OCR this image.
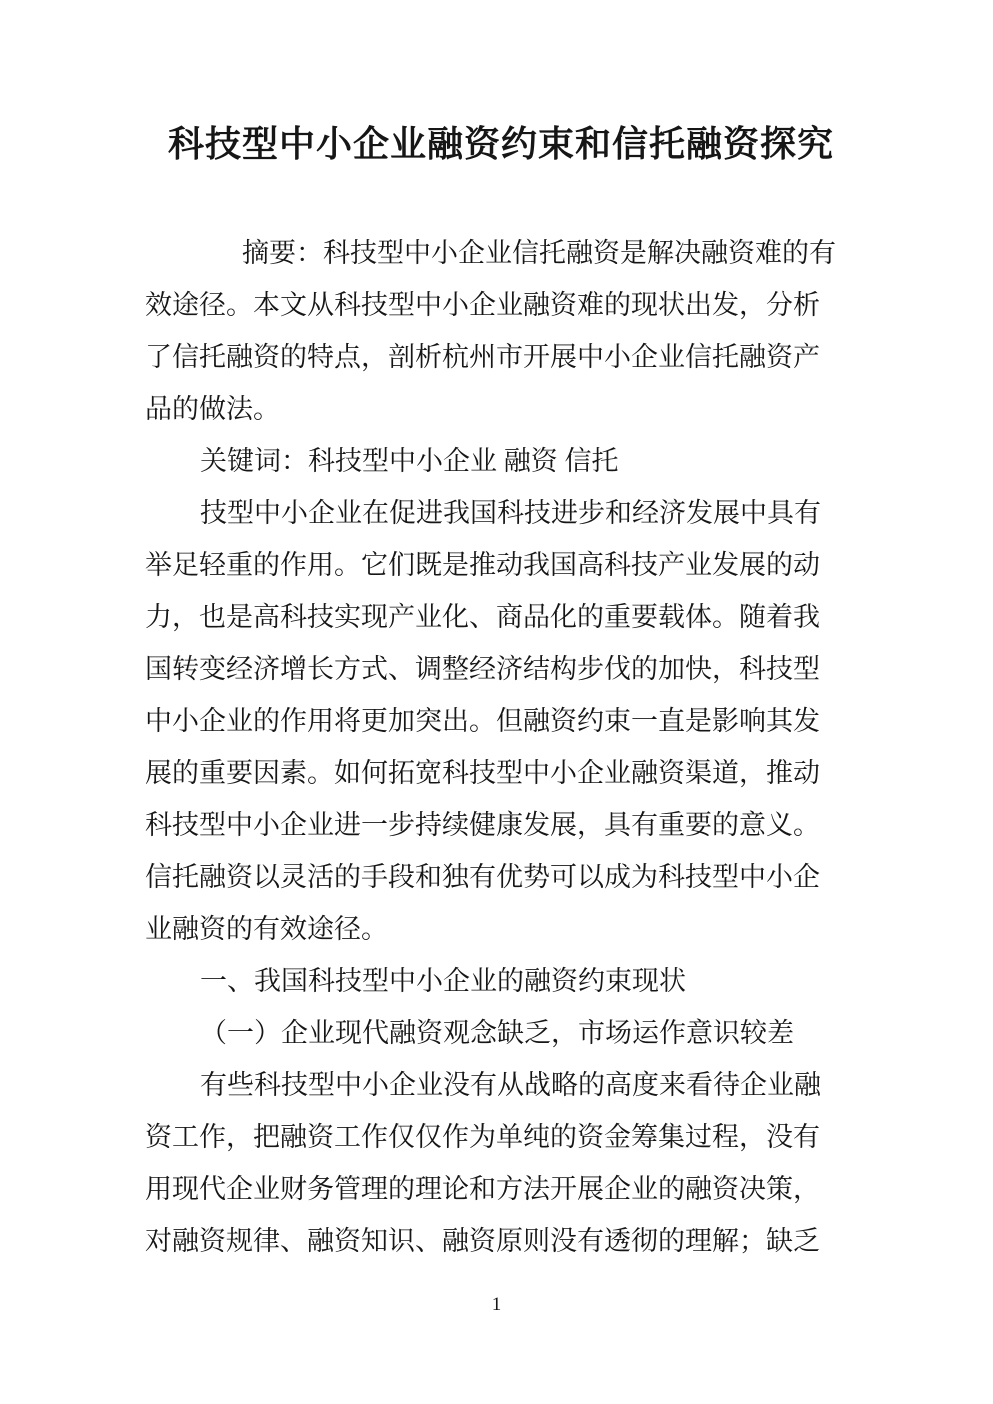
科技型中小企业融资约束和信托融资探究
摘要：科技型中小企业信托融资是解决融资难的有
效途径。本文从科技型中小企业融资难的现状出发，分析
了信托融资的特点，剖析杭州市开展中小企业信托融资产
品的做法。
关键词：科技型中小企业 融资 信托
技型中小企业在促进我国科技进步和经济发展中具有
举足轻重的作用。它们既是推动我国高科技产业发展的动
力，也是高科技实现产业化、商品化的重要载体。随着我
国转变经济增长方式、调整经济结构步伐的加快，科技型
中小企业的作用将更加突出。但融资约束一直是影响其发
展的重要因素。如何拓宽科技型中小企业融资渠道，推动
科技型中小企业进一步持续健康发展，具有重要的意义。
信托融资以灵活的手段和独有优势可以成为科技型中小企
业融资的有效途径。
一、我国科技型中小企业的融资约束现状
（一）企业现代融资观念缺乏，市场运作意识较差
有些科技型中小企业没有从战略的高度来看待企业融
资工作，把融资工作仅仅作为单纯的资金筹集过程，没有
用现代企业财务管理的理论和方法开展企业的融资决策，
对融资规律、融资知识、融资原则没有透彻的理解；缺乏
1
